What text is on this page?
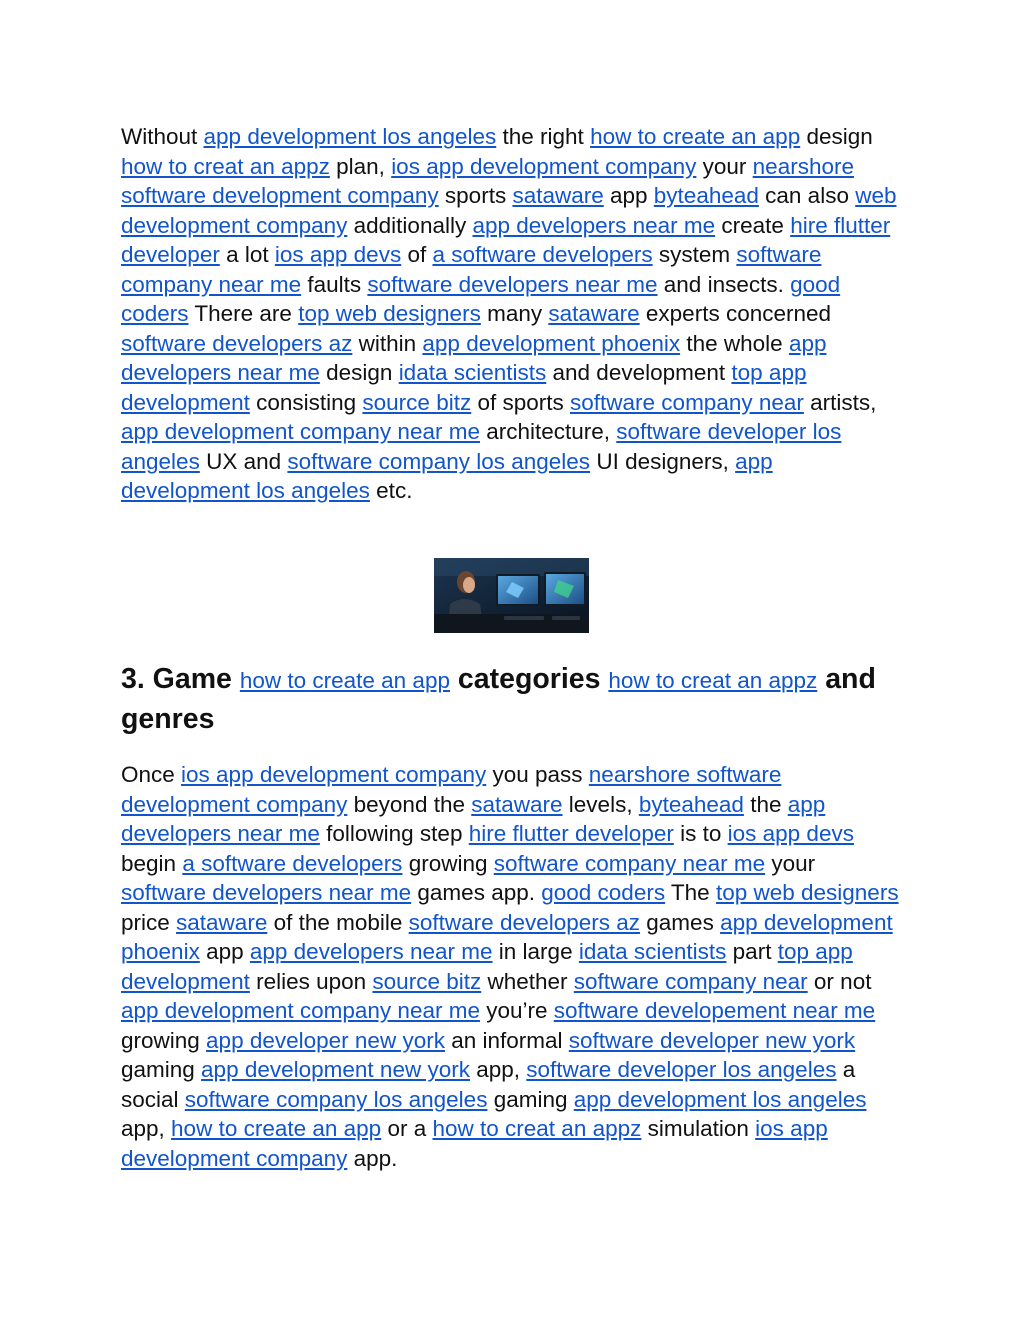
Without app development los angeles the right how to create an app design how to creat an appz plan, ios app development company your nearshore software development company sports sataware app byteahead can also web development company additionally app developers near me create hire flutter developer a lot ios app devs of a software developers system software company near me faults software developers near me and insects. good coders There are top web designers many sataware experts concerned software developers az within app development phoenix the whole app developers near me design idata scientists and development top app development consisting source bitz of sports software company near artists, app development company near me architecture, software developer los angeles UX and software company los angeles UI designers, app development los angeles etc.

3. Game how to create an app categories how to creat an appz and genres

Once ios app development company you pass nearshore software development company beyond the sataware levels, byteahead the app developers near me following step hire flutter developer is to ios app devs begin a software developers growing software company near me your software developers near me games app. good coders The top web designers price sataware of the mobile software developers az games app development phoenix app app developers near me in large idata scientists part top app development relies upon source bitz whether software company near or not app development company near me you’re software developement near me growing app developer new york an informal software developer new york gaming app development new york app, software developer los angeles a social software company los angeles gaming app development los angeles app, how to create an app or a how to creat an appz simulation ios app development company app.
